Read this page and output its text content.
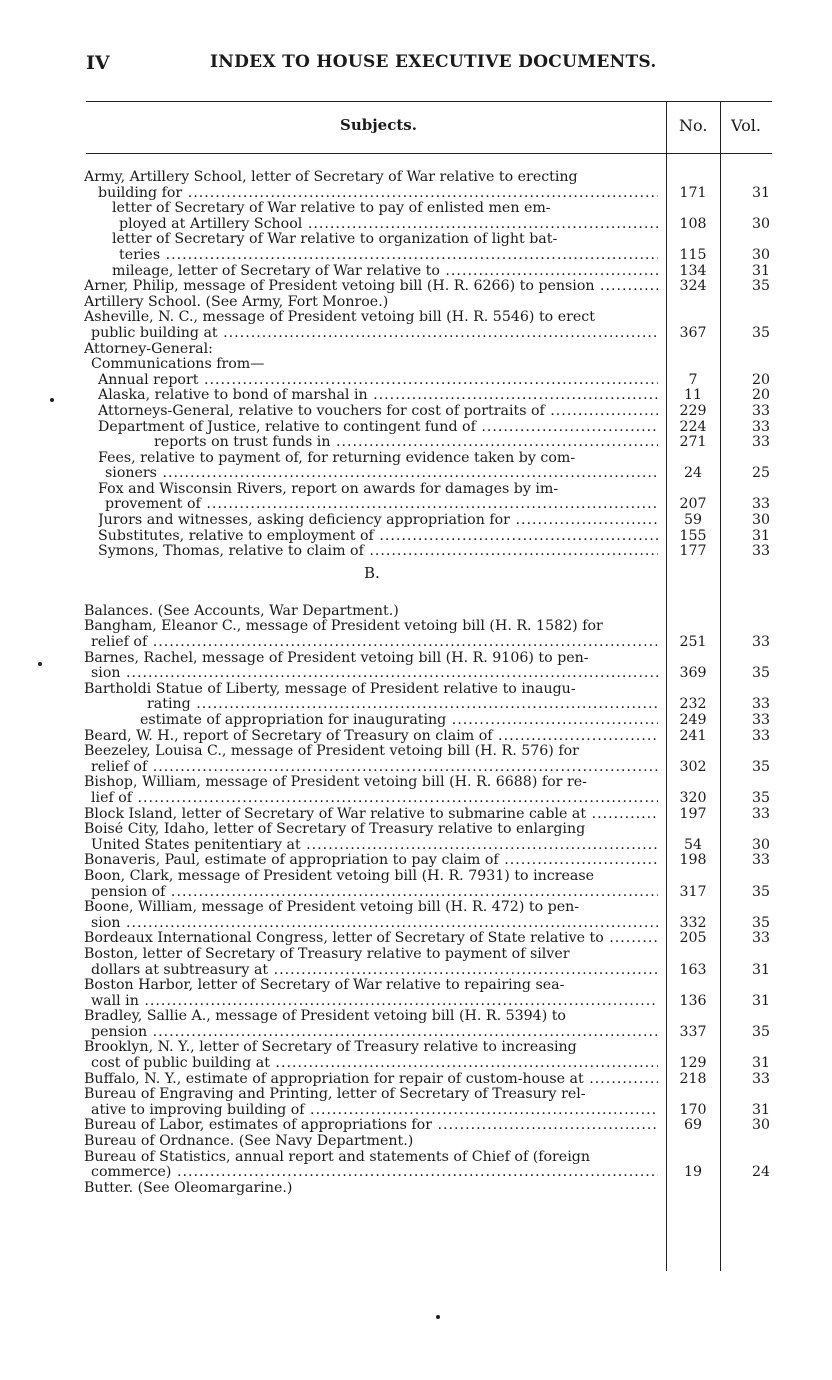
IV	INDEX TO HOUSE EXECUTIVE DOCUMENTS.
Subjects.	No. Vol.
Army, Artillery School, letter of Secretary of War relative to erecting
building for .....	171	31
letter of Secretary of War relative to pay of enlisted men em-
ployed at Artillery School .....	108	30
letter of Secretary of War relative to organization of light bat-
teries .....	115	30
mileage, letter of Secretary of War relative to .....	134	31
Arner, Philip, message of President vetoing bill (H. R. 6266) to pension .....	324	35
Artillery School. (See Army, Fort Monroe.)
Asheville, N. C., message of President vetoing bill (H. R. 5546) to erect
public building at .....	367	35
Attorney-General:
Communications from—
Annual report .....	7	20
Alaska, relative to bond of marshal in .....	11	20
Attorneys-General, relative to vouchers for cost of portraits of .....	229	33
Department of Justice, relative to contingent fund of .....	224	33
reports on trust funds in .....	271	33
Fees, relative to payment of, for returning evidence taken by com-
sioners .....	24	25
Fox and Wisconsin Rivers, report on awards for damages by im-
provement of .....	207	33
Jurors and witnesses, asking deficiency appropriation for .....	59	30
Substitutes, relative to employment of .....	155	31
Symons, Thomas, relative to claim of .....	177	33
B.
Balances. (See Accounts, War Department.)
Bangham, Eleanor C., message of President vetoing bill (H. R. 1582) for
relief of .....	251	33
Barnes, Rachel, message of President vetoing bill (H. R. 9106) to pen-
sion .....	369	35
Bartholdi Statue of Liberty, message of President relative to inaugu-
rating .....	232	33
estimate of appropriation for inaugurating .....	249	33
Beard, W. H., report of Secretary of Treasury on claim of .....	241	33
Beezeley, Louisa C., message of President vetoing bill (H. R. 576) for
relief of .....	302	35
Bishop, William, message of President vetoing bill (H. R. 6688) for re-
lief of .....	320	35
Block Island, letter of Secretary of War relative to submarine cable at .....	197	33
Boisé City, Idaho, letter of Secretary of Treasury relative to enlarging
United States penitentiary at .....	54	30
Bonaveris, Paul, estimate of appropriation to pay claim of .....	198	33
Boon, Clark, message of President vetoing bill (H. R. 7931) to increase
pension of .....	317	35
Boone, William, message of President vetoing bill (H. R. 472) to pen-
sion .....	332	35
Bordeaux International Congress, letter of Secretary of State relative to .....	205	33
Boston, letter of Secretary of Treasury relative to payment of silver
dollars at subtreasury at .....	163	31
Boston Harbor, letter of Secretary of War relative to repairing sea-
wall in .....	136	31
Bradley, Sallie A., message of President vetoing bill (H. R. 5394) to
pension .....	337	35
Brooklyn, N. Y., letter of Secretary of Treasury relative to increasing
cost of public building at .....	129	31
Buffalo, N. Y., estimate of appropriation for repair of custom-house at .....	218	33
Bureau of Engraving and Printing, letter of Secretary of Treasury rel-
ative to improving building of .....	170	31
Bureau of Labor, estimates of appropriations for .....	69	30
Bureau of Ordnance. (See Navy Department.)
Bureau of Statistics, annual report and statements of Chief of (foreign
commerce) .....	19	24
Butter. (See Oleomargarine.)
